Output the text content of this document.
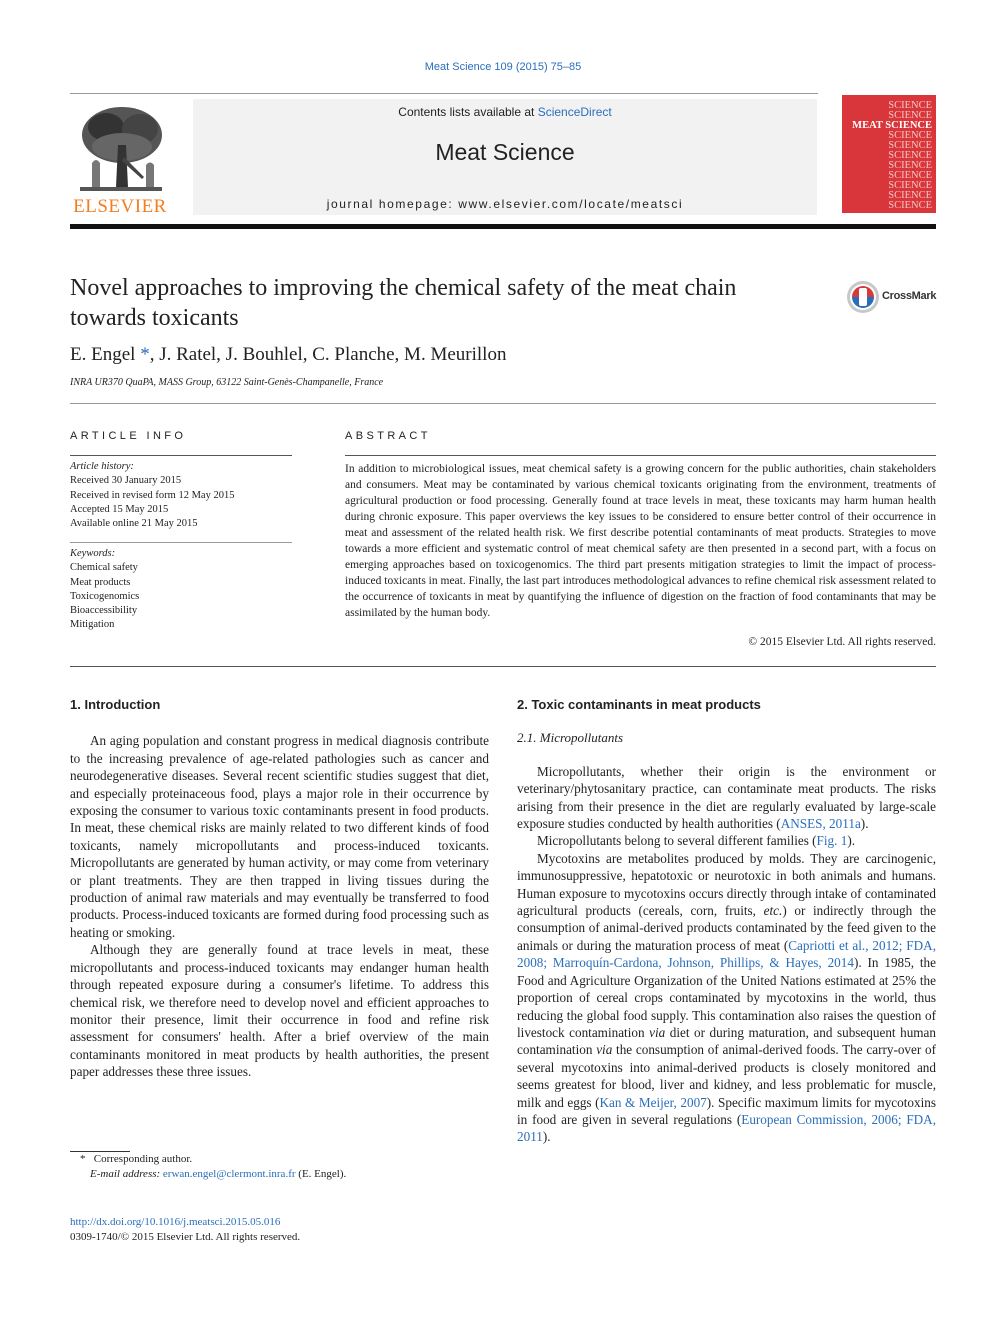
Meat Science 109 (2015) 75–85
ELSEVIER
Contents lists available at ScienceDirect
Meat Science
journal homepage: www.elsevier.com/locate/meatsci
SCIENCE
SCIENCE
MEAT SCIENCE
SCIENCE
SCIENCE
SCIENCE
SCIENCE
SCIENCE
SCIENCE
SCIENCE
SCIENCE
Novel approaches to improving the chemical safety of the meat chain towards toxicants
CrossMark
E. Engel *, J. Ratel, J. Bouhlel, C. Planche, M. Meurillon
INRA UR370 QuaPA, MASS Group, 63122 Saint-Genès-Champanelle, France
ARTICLE INFO
Article history:
Received 30 January 2015
Received in revised form 12 May 2015
Accepted 15 May 2015
Available online 21 May 2015
Keywords:
Chemical safety
Meat products
Toxicogenomics
Bioaccessibility
Mitigation
ABSTRACT
In addition to microbiological issues, meat chemical safety is a growing concern for the public authorities, chain stakeholders and consumers. Meat may be contaminated by various chemical toxicants originating from the environment, treatments of agricultural production or food processing. Generally found at trace levels in meat, these toxicants may harm human health during chronic exposure. This paper overviews the key issues to be considered to ensure better control of their occurrence in meat and assessment of the related health risk. We first describe potential contaminants of meat products. Strategies to move towards a more efficient and systematic control of meat chemical safety are then presented in a second part, with a focus on emerging approaches based on toxicogenomics. The third part presents mitigation strategies to limit the impact of process-induced toxicants in meat. Finally, the last part introduces methodological advances to refine chemical risk assessment related to the occurrence of toxicants in meat by quantifying the influence of digestion on the fraction of food contaminants that may be assimilated by the human body.
© 2015 Elsevier Ltd. All rights reserved.
1. Introduction

An aging population and constant progress in medical diagnosis contribute to the increasing prevalence of age-related pathologies such as cancer and neurodegenerative diseases. Several recent scientific studies suggest that diet, and especially proteinaceous food, plays a major role in their occurrence by exposing the consumer to various toxic contaminants present in food products. In meat, these chemical risks are mainly related to two different kinds of food toxicants, namely micropollutants and process-induced toxicants. Micropollutants are generated by human activity, or may come from veterinary or plant treatments. They are then trapped in living tissues during the production of animal raw materials and may eventually be transferred to food products. Process-induced toxicants are formed during food processing such as heating or smoking.

Although they are generally found at trace levels in meat, these micropollutants and process-induced toxicants may endanger human health through repeated exposure during a consumer's lifetime. To address this chemical risk, we therefore need to develop novel and efficient approaches to monitor their presence, limit their occurrence in food and refine risk assessment for consumers' health. After a brief overview of the main contaminants monitored in meat products by health authorities, the present paper addresses these three issues.

2. Toxic contaminants in meat products
2.1. Micropollutants

Micropollutants, whether their origin is the environment or veterinary/phytosanitary practice, can contaminate meat products. The risks arising from their presence in the diet are regularly evaluated by large-scale exposure studies conducted by health authorities (ANSES, 2011a).

Micropollutants belong to several different families (Fig. 1).

Mycotoxins are metabolites produced by molds. They are carcinogenic, immunosuppressive, hepatotoxic or neurotoxic in both animals and humans. Human exposure to mycotoxins occurs directly through intake of contaminated agricultural products (cereals, corn, fruits, etc.) or indirectly through the consumption of animal-derived products contaminated by the feed given to the animals or during the maturation process of meat (Capriotti et al., 2012; FDA, 2008; Marroquín-Cardona, Johnson, Phillips, & Hayes, 2014). In 1985, the Food and Agriculture Organization of the United Nations estimated at 25% the proportion of cereal crops contaminated by mycotoxins in the world, thus reducing the global food supply. This contamination also raises the question of livestock contamination via diet or during maturation, and subsequent human contamination via the consumption of animal-derived foods. The carry-over of several mycotoxins into animal-derived products is closely monitored and seems greatest for blood, liver and kidney, and less problematic for muscle, milk and eggs (Kan & Meijer, 2007). Specific maximum limits for mycotoxins in food are given in several regulations (European Commission, 2006; FDA, 2011).

* Corresponding author.
E-mail address: erwan.engel@clermont.inra.fr (E. Engel).
http://dx.doi.org/10.1016/j.meatsci.2015.05.016
0309-1740/© 2015 Elsevier Ltd. All rights reserved.
